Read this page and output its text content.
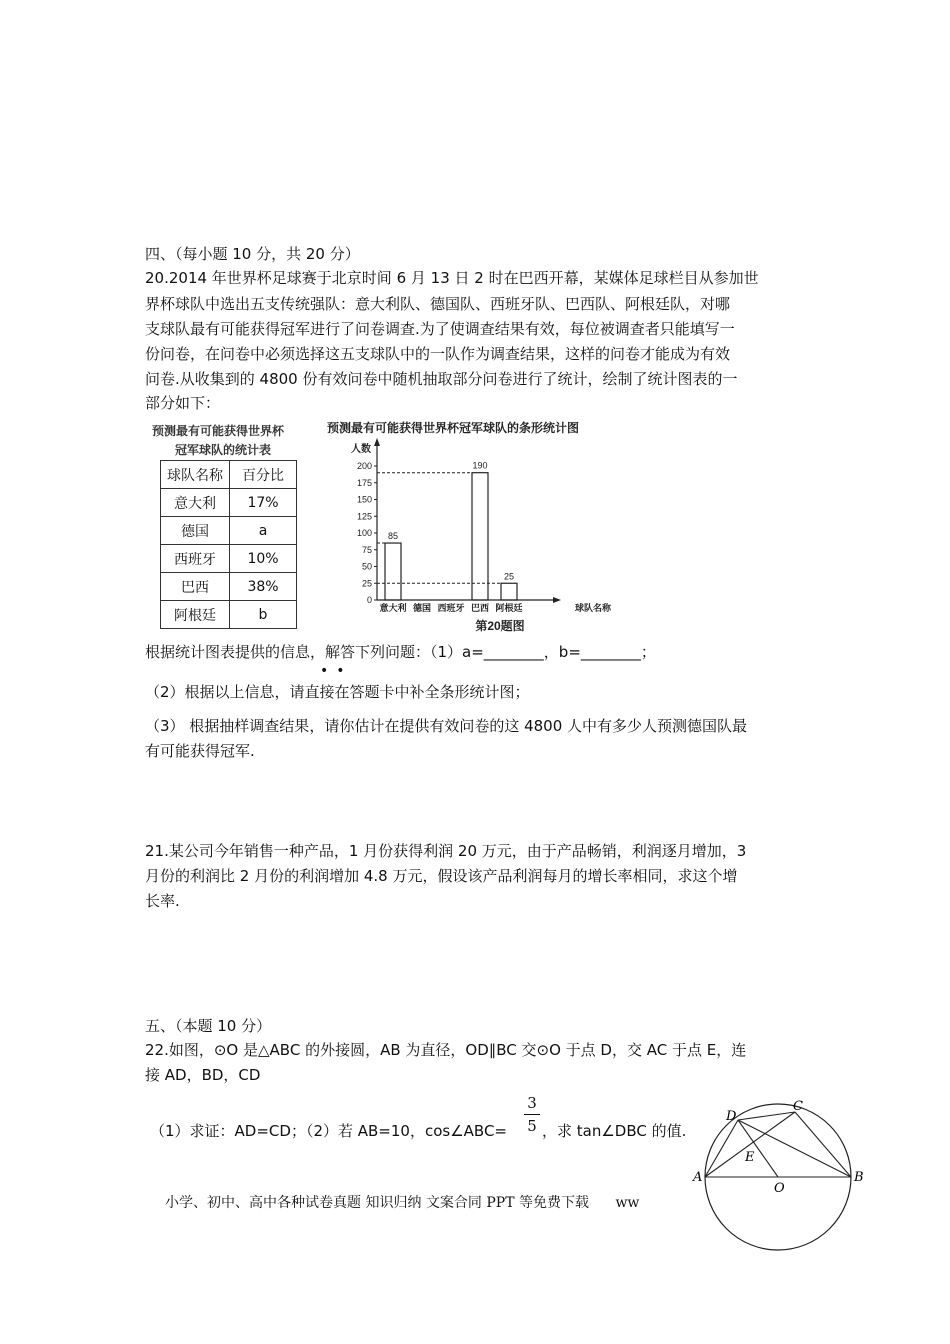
四、（每小题 10 分，共 20 分）
20.2014 年世界杯足球赛于北京时间 6 月 13 日 2 时在巴西开幕，某媒体足球栏目从参加世
界杯球队中选出五支传统强队：意大利队、德国队、西班牙队、巴西队、阿根廷队，对哪
支球队最有可能获得冠军进行了问卷调查.为了使调查结果有效，每位被调查者只能填写一
份问卷，在问卷中必须选择这五支球队中的一队作为调查结果，这样的问卷才能成为有效
问卷.从收集到的 4800 份有效问卷中随机抽取部分问卷进行了统计，绘制了统计图表的一
部分如下：
预测最有可能获得世界杯
冠军球队的统计表
球队名称	百分比
意大利	17%
德国	a
西班牙	10%
巴西	38%
阿根廷	b
预测最有可能获得世界杯冠军球队的条形统计图
人数
0
25
50
75
100
125
150
175
200
意大利
85
德国 西班牙 巴西
190
阿根廷
25
球队名称
第20题图
根据统计图表提供的信息，解答下列问题：（1）a=________，b=________；
••
（2）根据以上信息，请直接在答题卡中补全条形统计图；
（3） 根据抽样调查结果，请你估计在提供有效问卷的这 4800 人中有多少人预测德国队最
有可能获得冠军.
21.某公司今年销售一种产品，1 月份获得利润 20 万元，由于产品畅销，利润逐月增加，3
月份的利润比 2 月份的利润增加 4.8 万元，假设该产品利润每月的增长率相同，求这个增
长率.
五、（本题 10 分）
22.如图，⊙O 是△ABC 的外接圆，AB 为直径，OD∥BC 交⊙O 于点 D，交 AC 于点 E，连
接 AD，BD，CD
（1）求证：AD=CD；（2）若 AB=10，cos∠ABC=
3
5 ，求 tan∠DBC 的值.
A	B
C
D
E
O
小学、初中、高中各种试卷真题 知识归纳 文案合同 PPT 等免费下载 ww
